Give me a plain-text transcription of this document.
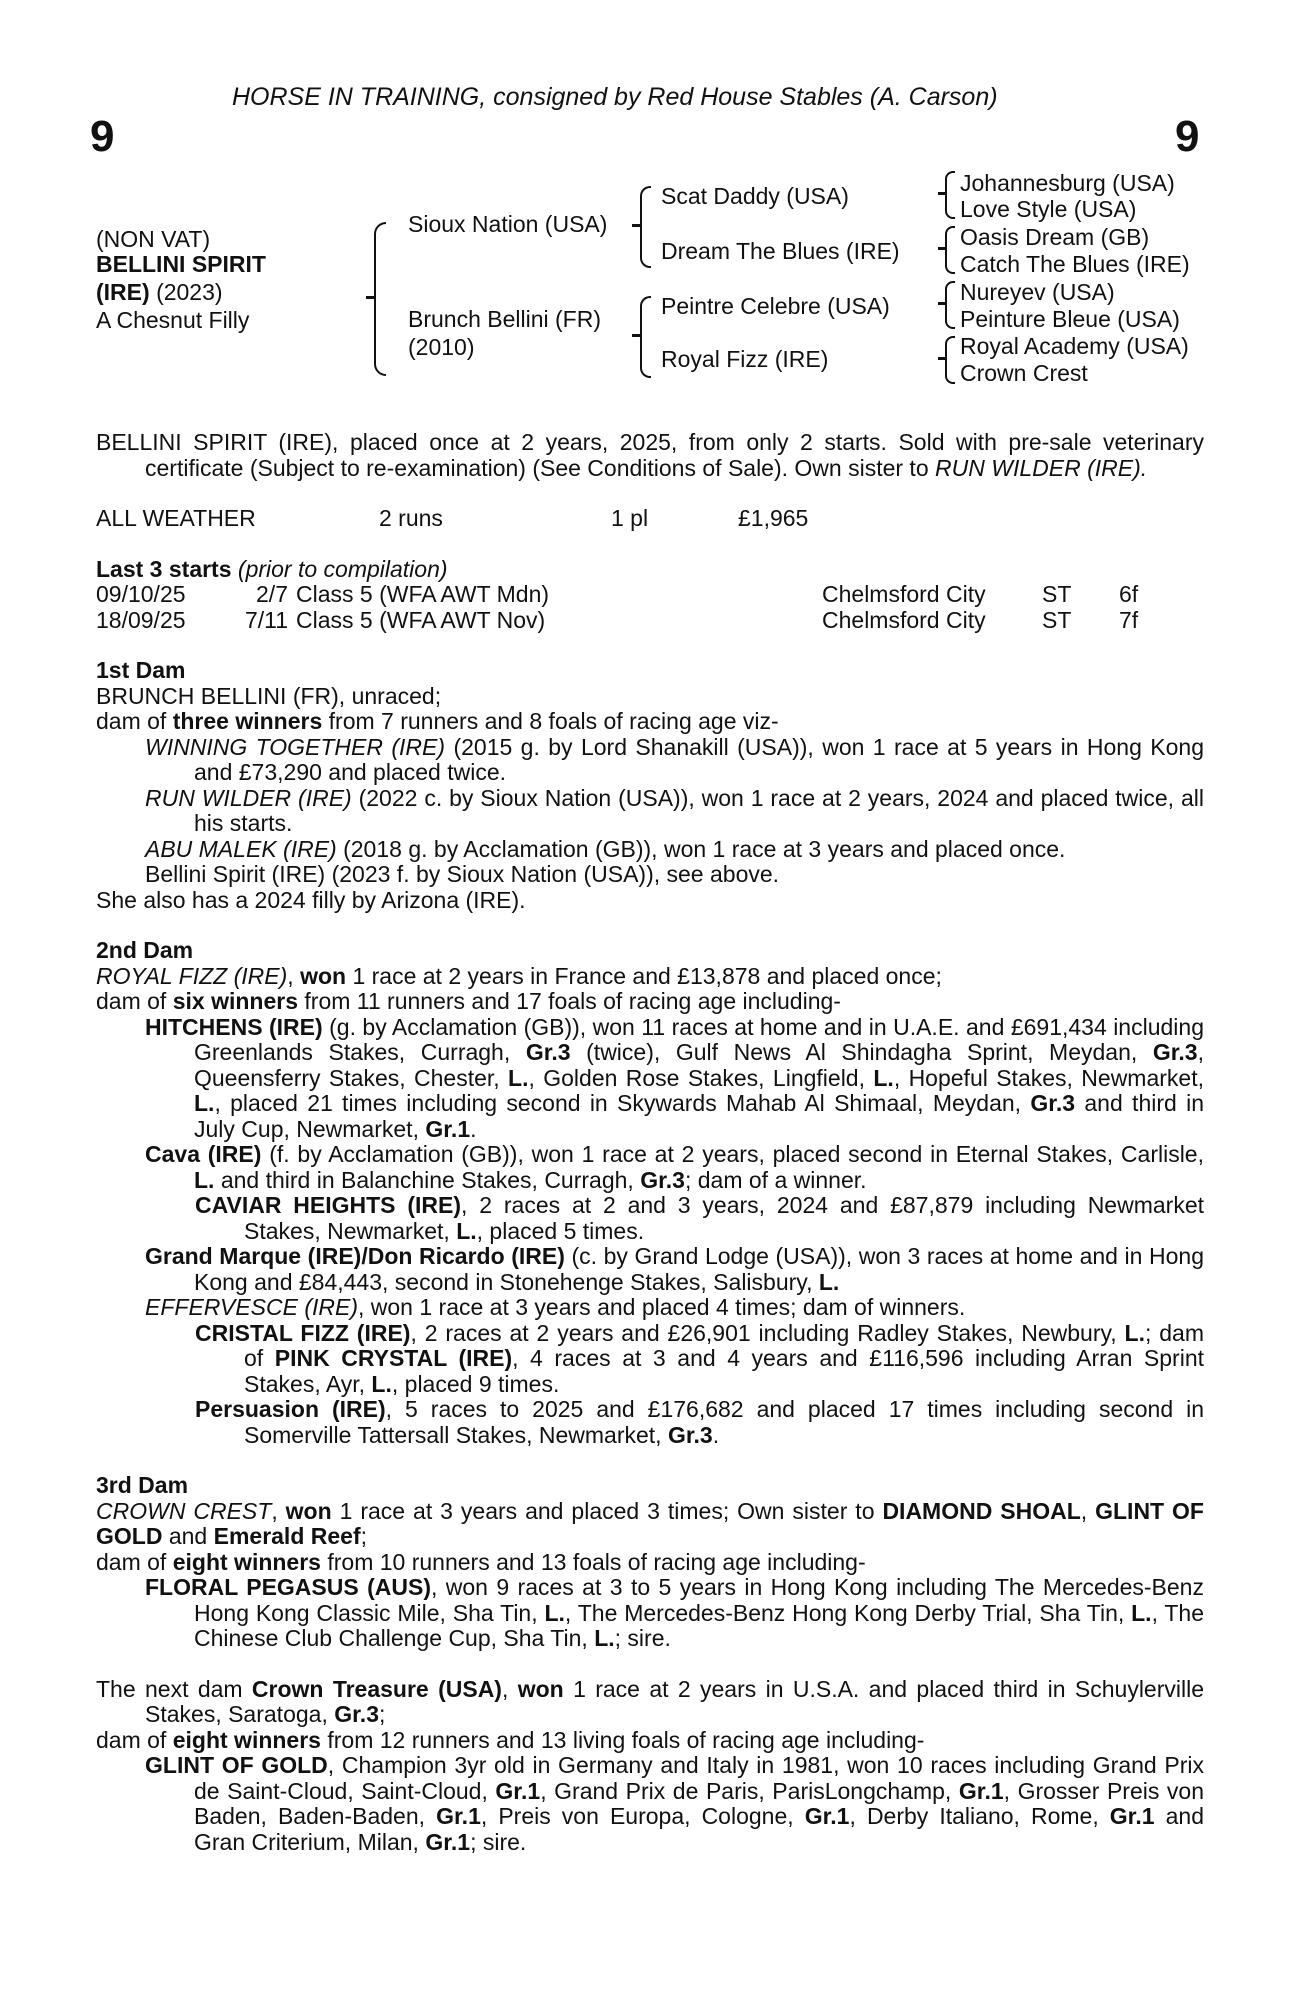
HORSE IN TRAINING, consigned by Red House Stables (A. Carson)
9	9
(NON VAT)
BELLINI SPIRIT
(IRE) (2023)
A Chesnut Filly
Sioux Nation (USA)
Brunch Bellini (FR)
(2010)
Scat Daddy (USA)
Dream The Blues (IRE)
Peintre Celebre (USA)
Royal Fizz (IRE)
Johannesburg (USA)
Love Style (USA)
Oasis Dream (GB)
Catch The Blues (IRE)
Nureyev (USA)
Peinture Bleue (USA)
Royal Academy (USA)
Crown Crest

BELLINI SPIRIT (IRE), placed once at 2 years, 2025, from only 2 starts. Sold with pre-sale veterinary certificate (Subject to re-examination) (See Conditions of Sale). Own sister to RUN WILDER (IRE).

ALL WEATHER	2 runs	1 pl	£1,965
Last 3 starts
(prior to compilation)
09/10/25	2/7 Class 5 (WFA AWT Mdn)	Chelmsford City	ST	6f
18/09/25	7/11 Class 5 (WFA AWT Nov)	Chelmsford City	ST	7f

1st Dam

BRUNCH BELLINI (FR), unraced;

dam of three winners from 7 runners and 8 foals of racing age viz-

WINNING TOGETHER (IRE) (2015 g. by Lord Shanakill (USA)), won 1 race at 5 years in Hong Kong and £73,290 and placed twice.

RUN WILDER (IRE) (2022 c. by Sioux Nation (USA)), won 1 race at 2 years, 2024 and placed twice, all his starts.

ABU MALEK (IRE) (2018 g. by Acclamation (GB)), won 1 race at 3 years and placed once.

Bellini Spirit (IRE) (2023 f. by Sioux Nation (USA)), see above.

She also has a 2024 filly by Arizona (IRE).

2nd Dam

ROYAL FIZZ (IRE), won 1 race at 2 years in France and £13,878 and placed once;

dam of six winners from 11 runners and 17 foals of racing age including-

HITCHENS (IRE) (g. by Acclamation (GB)), won 11 races at home and in U.A.E. and £691,434 including Greenlands Stakes, Curragh, Gr.3 (twice), Gulf News Al Shindagha Sprint, Meydan, Gr.3, Queensferry Stakes, Chester, L., Golden Rose Stakes, Lingfield, L., Hopeful Stakes, Newmarket, L., placed 21 times including second in Skywards Mahab Al Shimaal, Meydan, Gr.3 and third in July Cup, Newmarket, Gr.1.

Cava (IRE) (f. by Acclamation (GB)), won 1 race at 2 years, placed second in Eternal Stakes, Carlisle, L. and third in Balanchine Stakes, Curragh, Gr.3; dam of a winner.

CAVIAR HEIGHTS (IRE), 2 races at 2 and 3 years, 2024 and £87,879 including Newmarket Stakes, Newmarket, L., placed 5 times.

Grand Marque (IRE)/Don Ricardo (IRE) (c. by Grand Lodge (USA)), won 3 races at home and in Hong Kong and £84,443, second in Stonehenge Stakes, Salisbury, L.

EFFERVESCE (IRE), won 1 race at 3 years and placed 4 times; dam of winners.

CRISTAL FIZZ (IRE), 2 races at 2 years and £26,901 including Radley Stakes, Newbury, L.; dam of PINK CRYSTAL (IRE), 4 races at 3 and 4 years and £116,596 including Arran Sprint Stakes, Ayr, L., placed 9 times.

Persuasion (IRE), 5 races to 2025 and £176,682 and placed 17 times including second in Somerville Tattersall Stakes, Newmarket, Gr.3.

3rd Dam

CROWN CREST, won 1 race at 3 years and placed 3 times; Own sister to DIAMOND SHOAL, GLINT OF GOLD and Emerald Reef;

dam of eight winners from 10 runners and 13 foals of racing age including-

FLORAL PEGASUS (AUS), won 9 races at 3 to 5 years in Hong Kong including The Mercedes-Benz Hong Kong Classic Mile, Sha Tin, L., The Mercedes-Benz Hong Kong Derby Trial, Sha Tin, L., The Chinese Club Challenge Cup, Sha Tin, L.; sire.

The next dam Crown Treasure (USA), won 1 race at 2 years in U.S.A. and placed third in Schuylerville Stakes, Saratoga, Gr.3;

dam of eight winners from 12 runners and 13 living foals of racing age including-

GLINT OF GOLD, Champion 3yr old in Germany and Italy in 1981, won 10 races including Grand Prix de Saint-Cloud, Saint-Cloud, Gr.1, Grand Prix de Paris, ParisLongchamp, Gr.1, Grosser Preis von Baden, Baden-Baden, Gr.1, Preis von Europa, Cologne, Gr.1, Derby Italiano, Rome, Gr.1 and Gran Criterium, Milan, Gr.1; sire.
